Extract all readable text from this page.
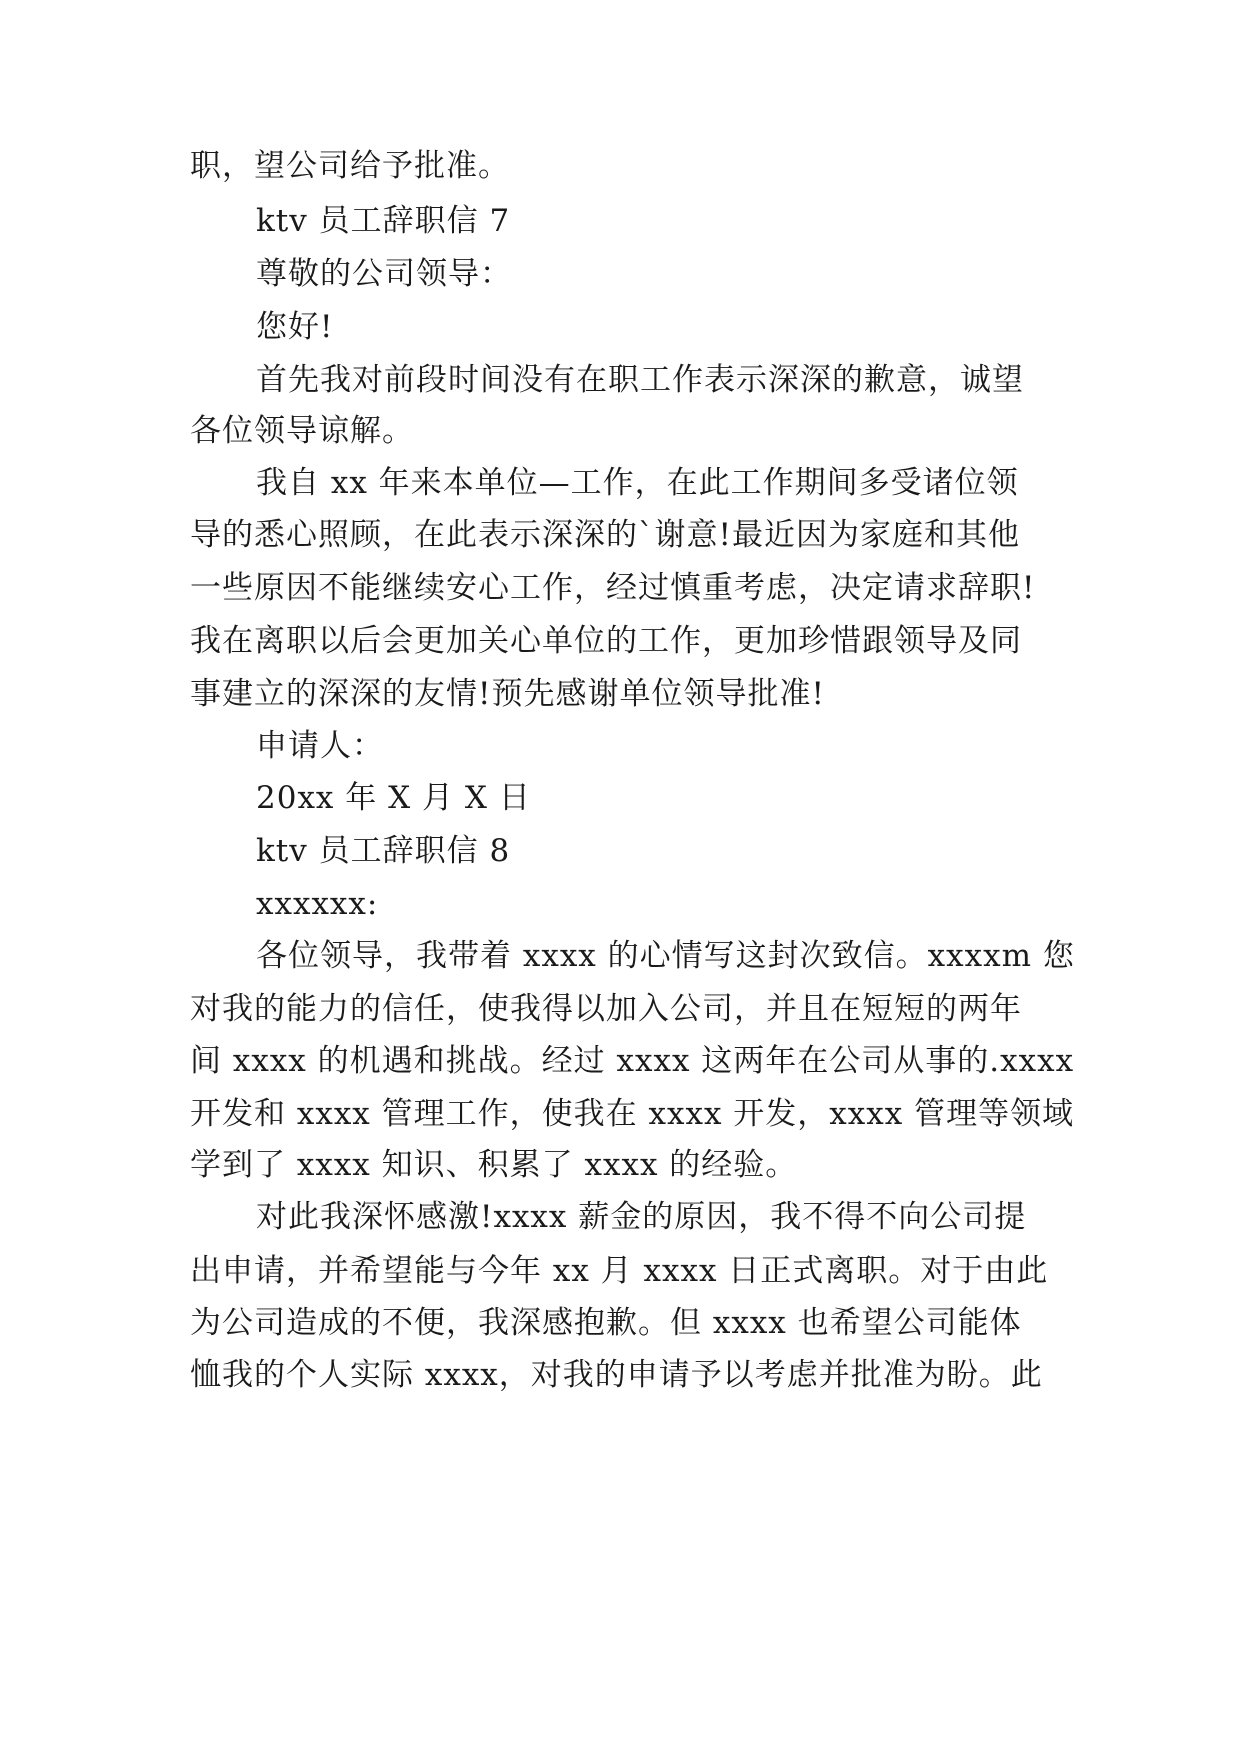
职，望公司给予批准。
ktv 员工辞职信 7
尊敬的公司领导：
您好!
首先我对前段时间没有在职工作表示深深的歉意，诚望
各位领导谅解。
我自 xx 年来本单位—工作，在此工作期间多受诸位领
导的悉心照顾，在此表示深深的`谢意!最近因为家庭和其他
一些原因不能继续安心工作，经过慎重考虑，决定请求辞职!
我在离职以后会更加关心单位的工作，更加珍惜跟领导及同
事建立的深深的友情!预先感谢单位领导批准!
申请人：
20xx 年 X 月 X 日
ktv 员工辞职信 8
xxxxxx:
各位领导，我带着 xxxx 的心情写这封次致信。xxxxm 您
对我的能力的信任，使我得以加入公司，并且在短短的两年
间 xxxx 的机遇和挑战。经过 xxxx 这两年在公司从事的.xxxx
开发和 xxxx 管理工作，使我在 xxxx 开发，xxxx 管理等领域
学到了 xxxx 知识、积累了 xxxx 的经验。
对此我深怀感激!xxxx 薪金的原因，我不得不向公司提
出申请，并希望能与今年 xx 月 xxxx 日正式离职。对于由此
为公司造成的不便，我深感抱歉。但 xxxx 也希望公司能体
恤我的个人实际 xxxx，对我的申请予以考虑并批准为盼。此
